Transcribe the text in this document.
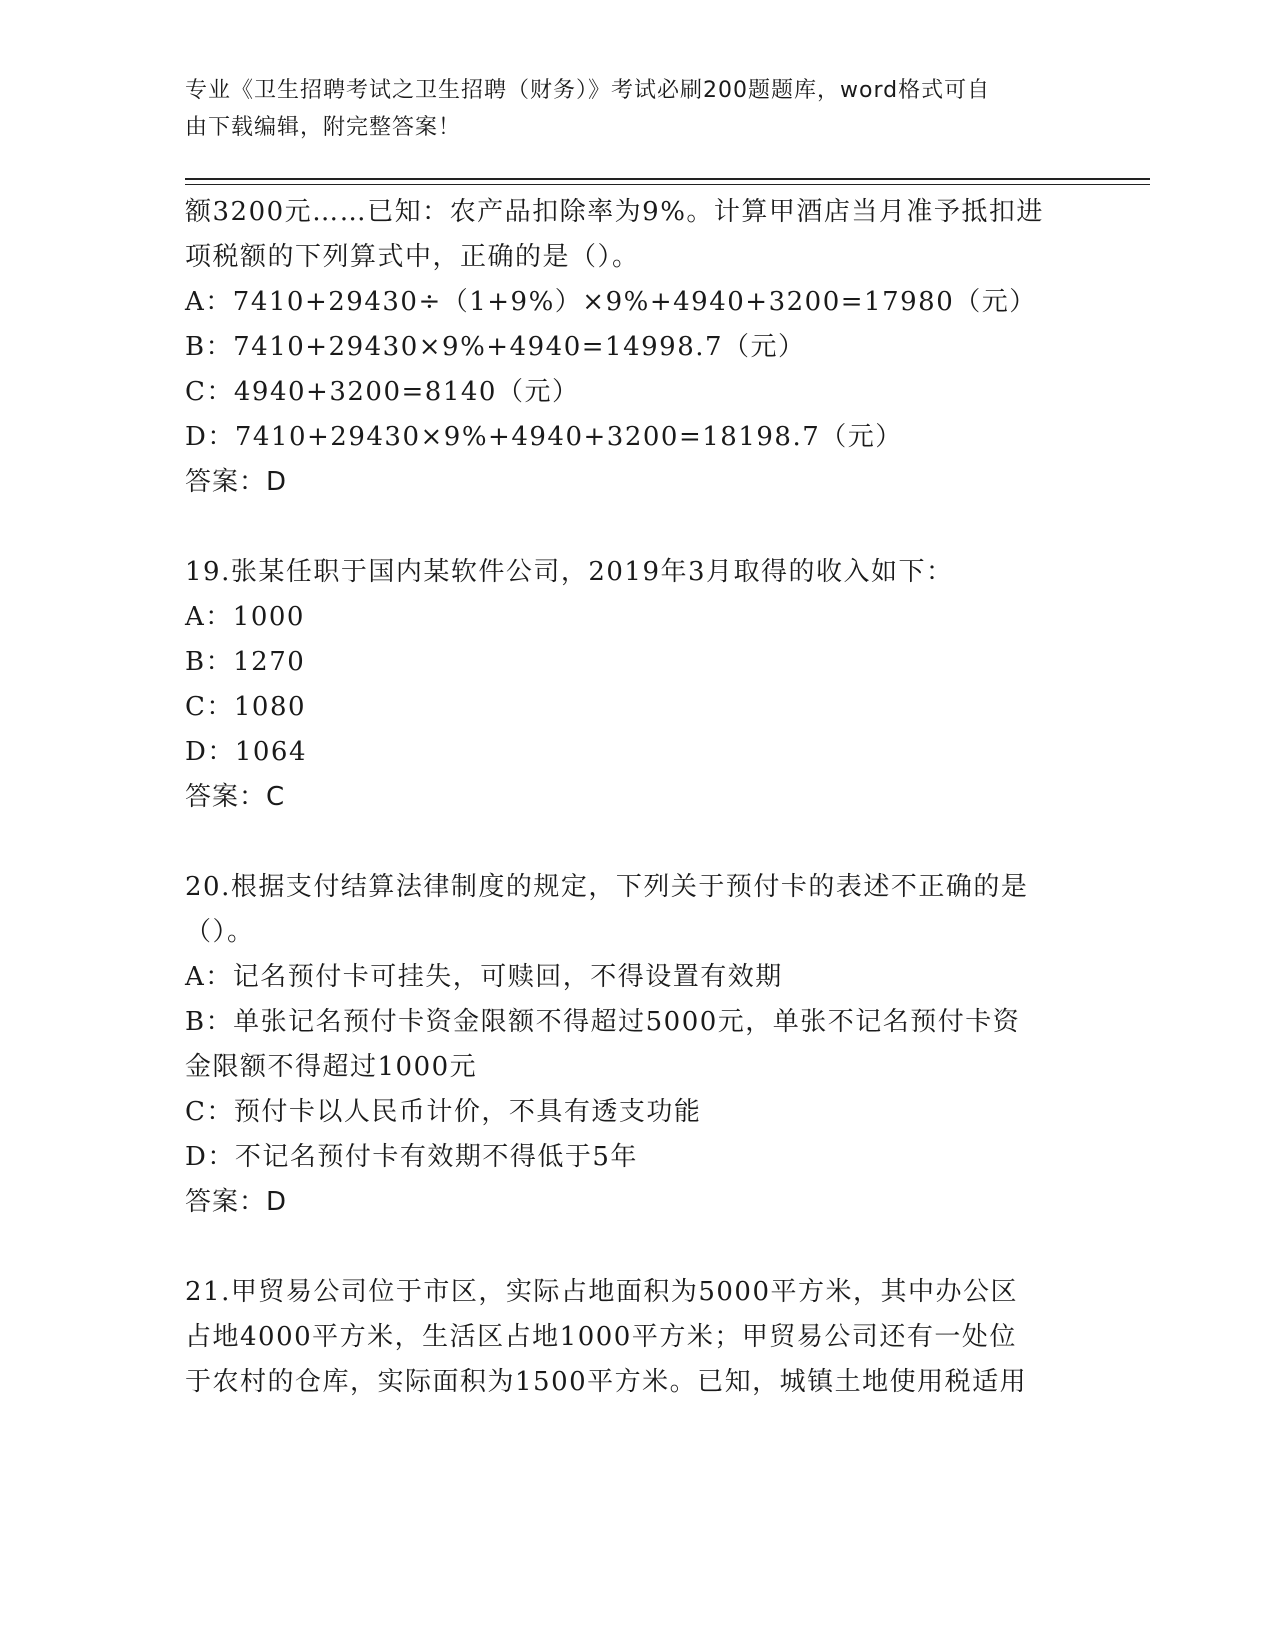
专业《卫生招聘考试之卫生招聘（财务）》考试必刷200题题库，word格式可自
由下载编辑，附完整答案！
额3200元……已知：农产品扣除率为9%。计算甲酒店当月准予抵扣进
项税额的下列算式中，正确的是（）。
A：7410+29430÷（1+9%）×9%+4940+3200=17980（元）
B：7410+29430×9%+4940=14998.7（元）
C：4940+3200=8140（元）
D：7410+29430×9%+4940+3200=18198.7（元）
答案：D
19.张某任职于国内某软件公司，2019年3月取得的收入如下：
A：1000
B：1270
C：1080
D：1064
答案：C
20.根据支付结算法律制度的规定，下列关于预付卡的表述不正确的是
（）。
A：记名预付卡可挂失，可赎回，不得设置有效期
B：单张记名预付卡资金限额不得超过5000元，单张不记名预付卡资
金限额不得超过1000元
C：预付卡以人民币计价，不具有透支功能
D：不记名预付卡有效期不得低于5年
答案：D
21.甲贸易公司位于市区，实际占地面积为5000平方米，其中办公区
占地4000平方米，生活区占地1000平方米；甲贸易公司还有一处位
于农村的仓库，实际面积为1500平方米。已知，城镇土地使用税适用
